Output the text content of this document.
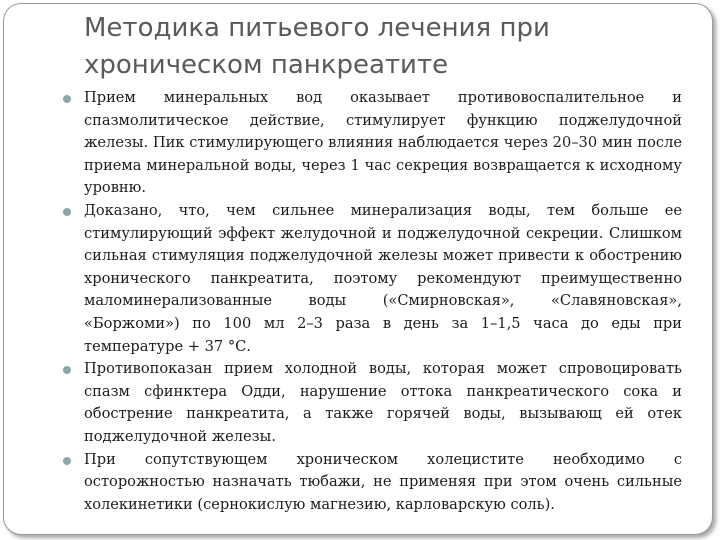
Методика питьевого лечения при хроническом панкреатите
Прием минеральных вод оказывает противовоспалительное и спазмолитическое действие, стимулирует функцию поджелудочной железы. Пик стимулирующего влияния наблюдается через 20–30 мин после приема минеральной воды, через 1 час секреция возвращается к исходному уровню.
Доказано, что, чем сильнее минерализация воды, тем больше ее стимулирующий эффект желудочной и поджелудочной секреции. Слишком сильная стимуляция поджелудочной железы может привести к обострению хронического панкреатита, поэтому рекомендуют преимущественно маломинерализованные воды («Смирновская», «Славяновская», «Боржоми») по 100 мл 2–3 раза в день за 1–1,5 часа до еды при температуре + 37 °С.
Противопоказан прием холодной воды, которая может спровоцировать спазм сфинктера Одди, нарушение оттока панкреатического сока и обострение панкреатита, а также горячей воды, вызывающ ей отек поджелудочной железы.
При сопутствующем хроническом холецистите необходимо с осторожностью назначать тюбажи, не применяя при этом очень сильные холекинетики (сернокислую магнезию, карловарскую соль).
